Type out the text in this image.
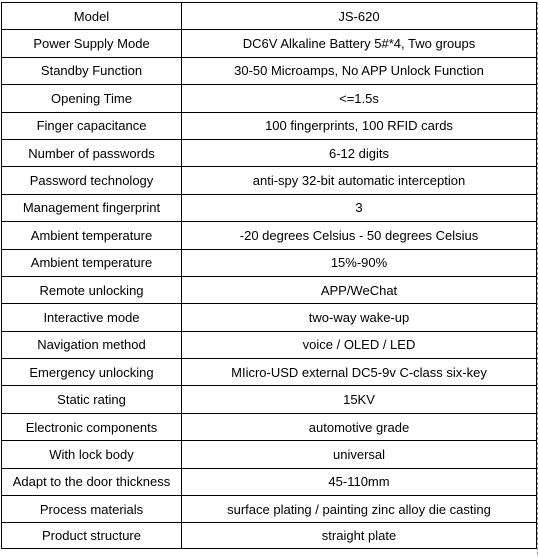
Model	JS-620
Power Supply Mode	DC6V Alkaline Battery 5#*4, Two groups
Standby Function	30-50 Microamps, No APP Unlock Function
Opening Time	<=1.5s
Finger capacitance	100 fingerprints, 100 RFID cards
Number of passwords	6-12 digits
Password technology	anti-spy 32-bit automatic interception
Management fingerprint	3
Ambient temperature	-20 degrees Celsius - 50 degrees Celsius
Ambient temperature	15%-90%
Remote unlocking	APP/WeChat
Interactive mode	two-way wake-up
Navigation method	voice / OLED / LED
Emergency unlocking	MIicro-USD external DC5-9v C-class six-key
Static rating	15KV
Electronic components	automotive grade
With lock body	universal
Adapt to the door thickness	45-110mm
Process materials	surface plating / painting zinc alloy die casting
Product structure	straight plate
